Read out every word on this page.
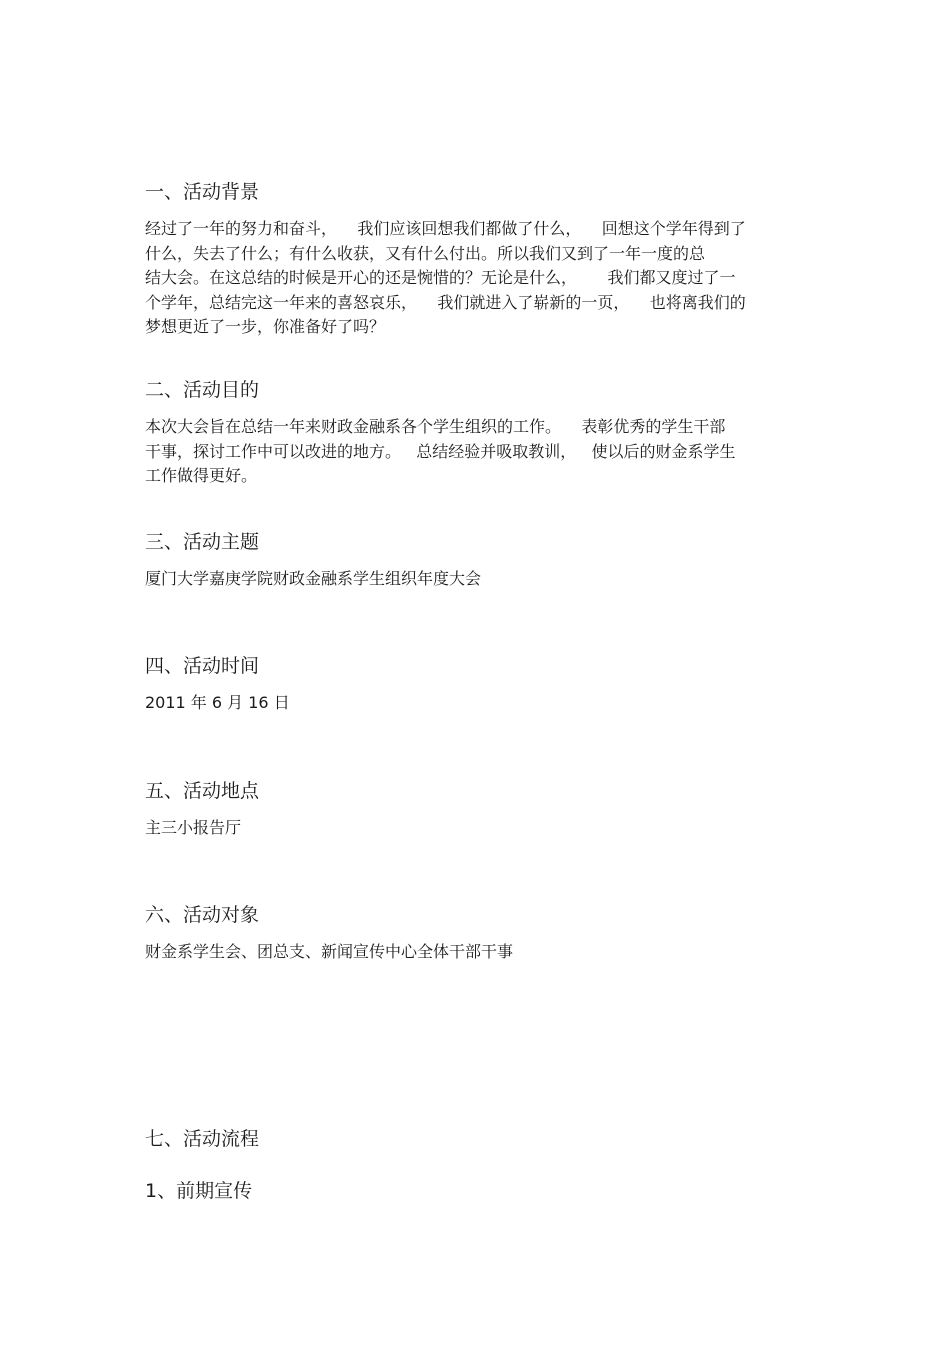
一、活动背景
经过了一年的努力和奋斗，    我们应该回想我们都做了什么，    回想这个学年得到了
什么，失去了什么；有什么收获，又有什么付出。所以我们又到了一年一度的总
结大会。在这总结的时候是开心的还是惋惜的？无论是什么，      我们都又度过了一
个学年，总结完这一年来的喜怒哀乐，    我们就进入了崭新的一页，    也将离我们的
梦想更近了一步，你准备好了吗？
二、活动目的
本次大会旨在总结一年来财政金融系各个学生组织的工作。    表彰优秀的学生干部
干事，探讨工作中可以改进的地方。   总结经验并吸取教训，   使以后的财金系学生
工作做得更好。
三、活动主题
厦门大学嘉庚学院财政金融系学生组织年度大会
四、活动时间
2011 年 6 月 16 日
五、活动地点
主三小报告厅
六、活动对象
财金系学生会、团总支、新闻宣传中心全体干部干事
七、活动流程
1、前期宣传
